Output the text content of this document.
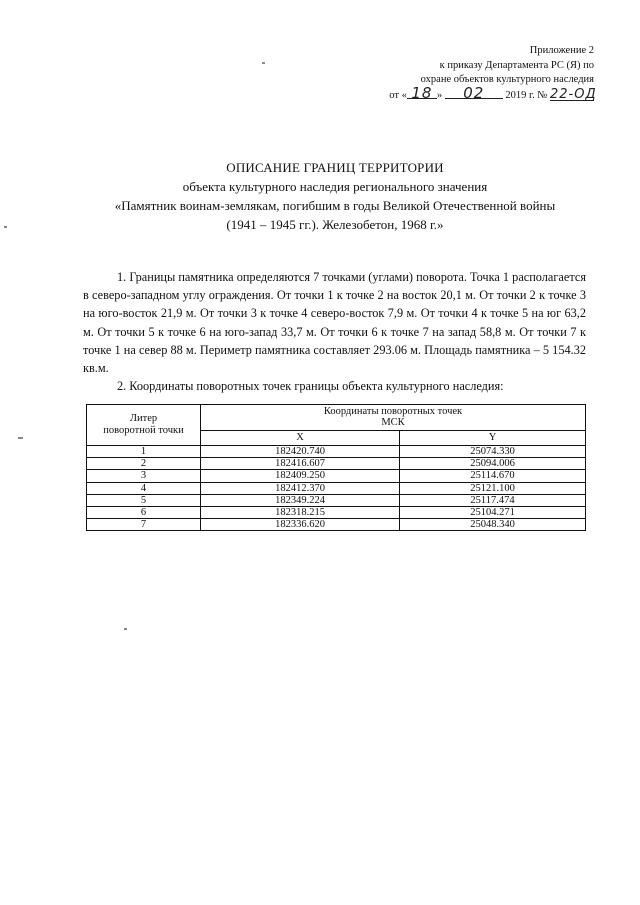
Приложение 2
к приказу Департамента РС (Я) по
охране объектов культурного наследия
от « 18 » 02 2019 г. № 22-ОД
ОПИСАНИЕ ГРАНИЦ ТЕРРИТОРИИ
объекта культурного наследия регионального значения
«Памятник воинам-землякам, погибшим в годы Великой Отечественной войны
(1941 – 1945 гг.). Железобетон, 1968 г.»

1. Границы памятника определяются 7 точками (углами) поворота. Точка 1 располагается в северо-западном углу ограждения. От точки 1 к точке 2 на восток 20,1 м. От точки 2 к точке 3 на юго-восток 21,9 м. От точки 3 к точке 4 северо-восток 7,9 м. От точки 4 к точке 5 на юг 63,2 м. От точки 5 к точке 6 на юго-запад 33,7 м. От точки 6 к точке 7 на запад 58,8 м. От точки 7 к точке 1 на север 88 м. Периметр памятника составляет 293.06 м. Площадь памятника – 5 154.32 кв.м.

2. Координаты поворотных точек границы объекта культурного наследия:

Литер
поворотной точки	Координаты поворотных точек
МСК	
	X	Y
1	182420.740	25074.330
2	182416.607	25094.006
3	182409.250	25114.670
4	182412.370	25121.100
5	182349.224	25117.474
6	182318.215	25104.271
7	182336.620	25048.340
